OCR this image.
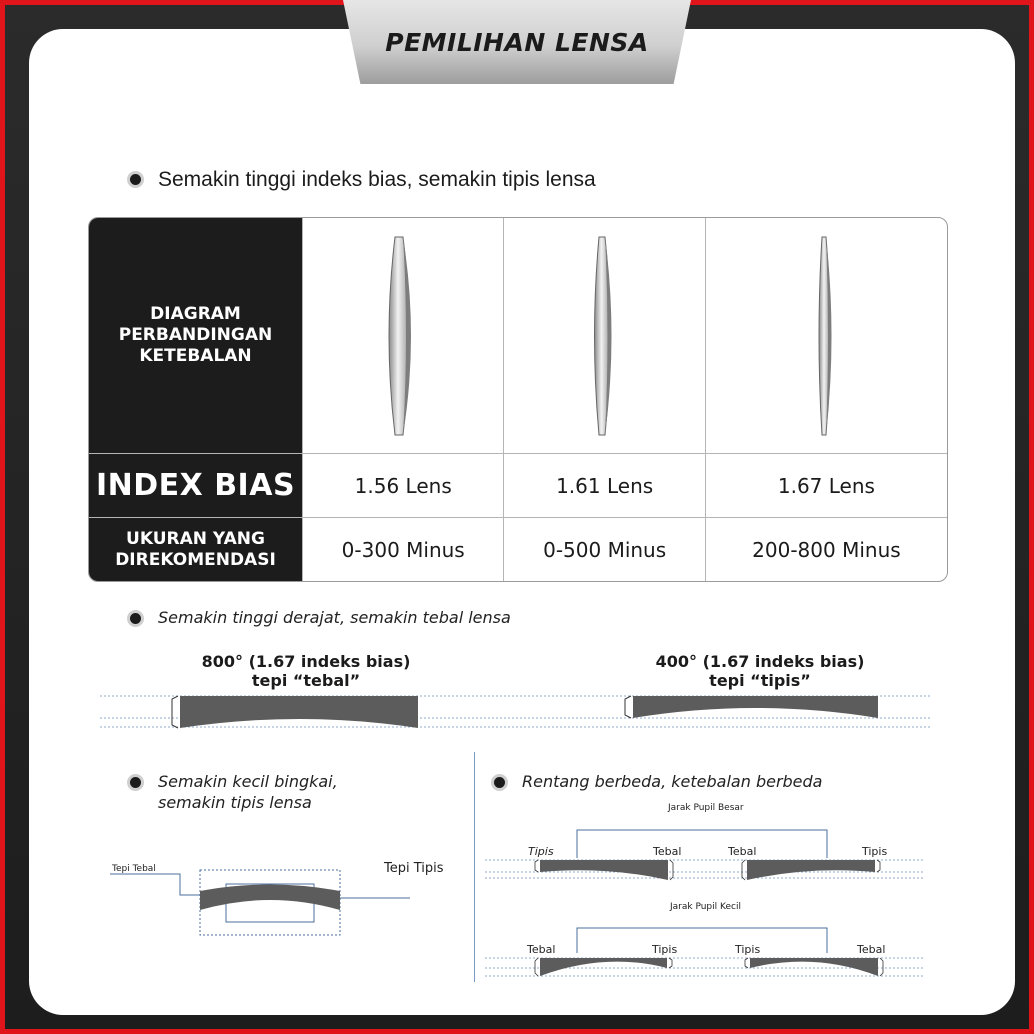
PEMILIHAN LENSA
Semakin tinggi indeks bias, semakin tipis lensa
DIAGRAM
PERBANDINGAN
KETEBALAN

INDEX BIAS	1.56 Lens	1.61 Lens	1.67 Lens

UKURAN YANG
DIREKOMENDASI	0-300 Minus	0-500 Minus	200-800 Minus
Semakin tinggi derajat, semakin tebal lensa
800° (1.67 indeks bias)
tepi “tebal”
400° (1.67 indeks bias)
tepi “tipis”
Semakin kecil bingkai,
semakin tipis lensa
Tepi Tebal	Tepi Tipis
Rentang berbeda, ketebalan berbeda
Jarak Pupil Besar
Jarak Pupil Kecil
Tipis	Tebal	Tebal	Tipis
Tebal	Tipis	Tipis	Tebal
